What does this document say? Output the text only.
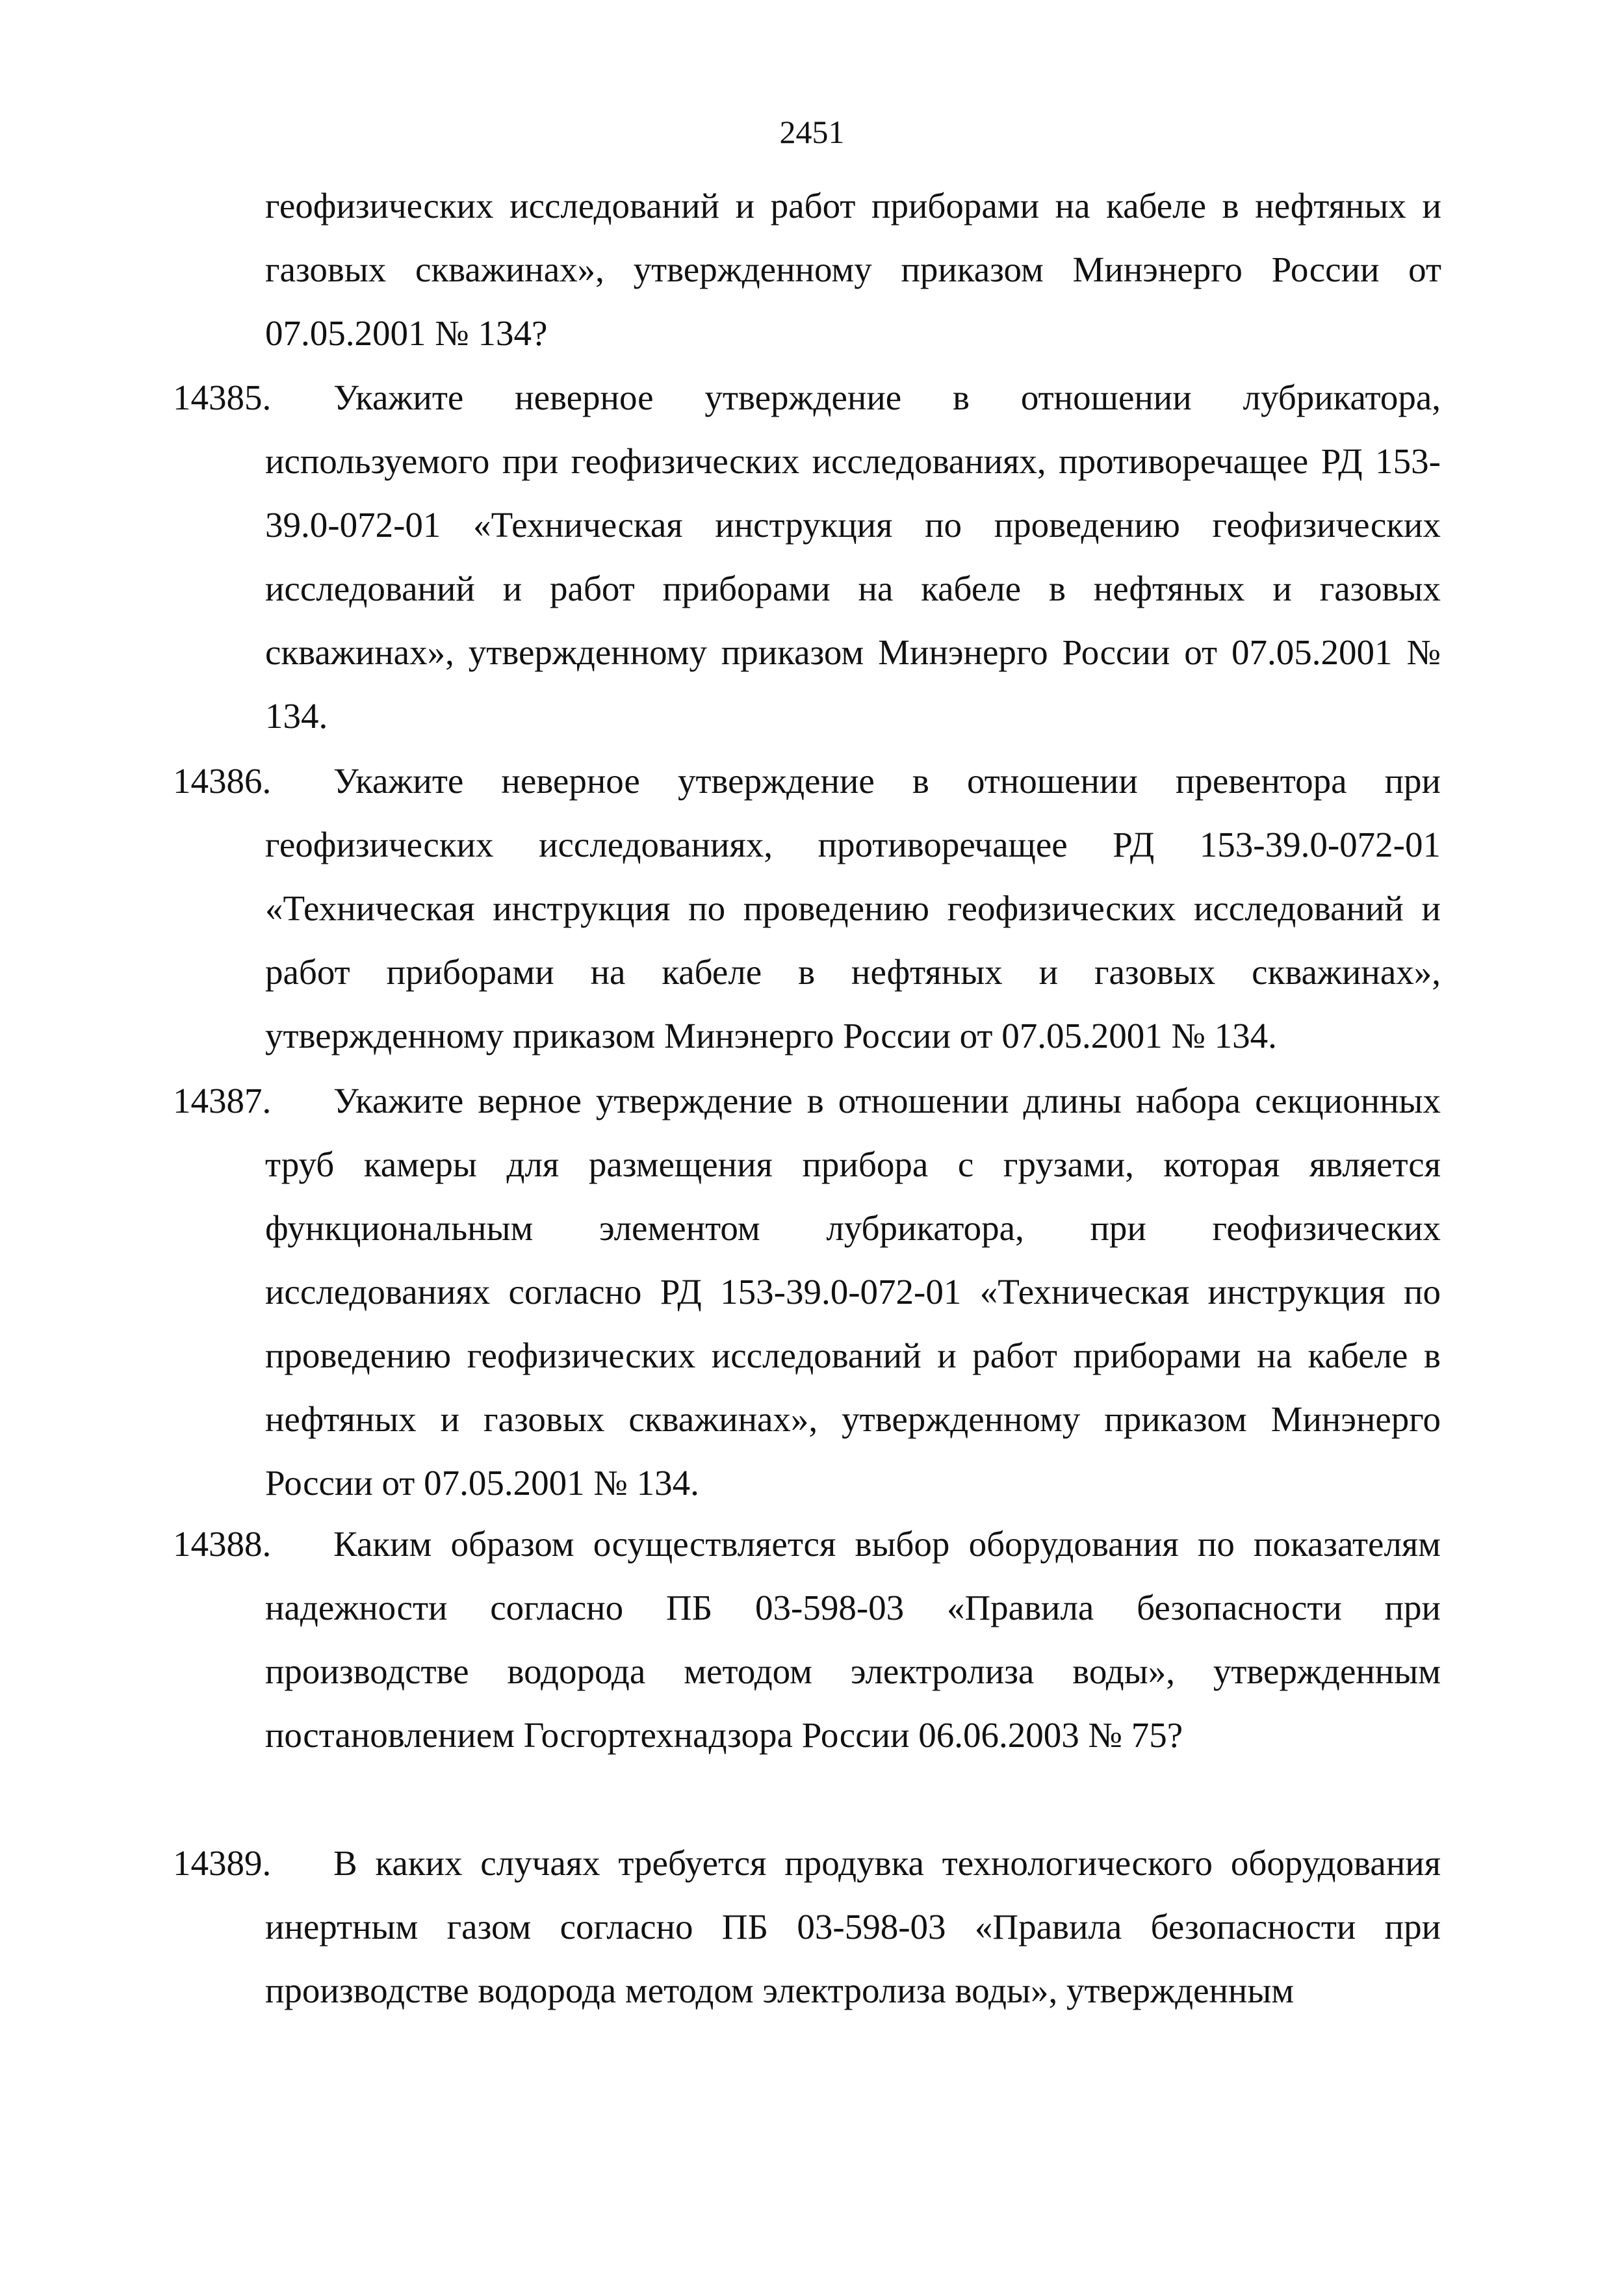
2451

геофизических исследований и работ приборами на кабеле в нефтяных и газовых скважинах», утвержденному приказом Минэнерго России от 07.05.2001 № 134?

14385. Укажите неверное утверждение в отношении лубрикатора, используемого при геофизических исследованиях, противоречащее РД 153-39.0-072-01 «Техническая инструкция по проведению геофизических исследований и работ приборами на кабеле в нефтяных и газовых скважинах», утвержденному приказом Минэнерго России от 07.05.2001 № 134.

14386. Укажите неверное утверждение в отношении превентора при геофизических исследованиях, противоречащее РД 153-39.0-072-01 «Техническая инструкция по проведению геофизических исследований и работ приборами на кабеле в нефтяных и газовых скважинах», утвержденному приказом Минэнерго России от 07.05.2001 № 134.

14387. Укажите верное утверждение в отношении длины набора секционных труб камеры для размещения прибора с грузами, которая является функциональным элементом лубрикатора, при геофизических исследованиях согласно РД 153-39.0-072-01 «Техническая инструкция по проведению геофизических исследований и работ приборами на кабеле в нефтяных и газовых скважинах», утвержденному приказом Минэнерго России от 07.05.2001 № 134.

14388. Каким образом осуществляется выбор оборудования по показателям надежности согласно ПБ 03-598-03 «Правила безопасности при производстве водорода методом электролиза воды», утвержденным постановлением Госгортехнадзора России 06.06.2003 № 75?

14389. В каких случаях требуется продувка технологического оборудования инертным газом согласно ПБ 03-598-03 «Правила безопасности при производстве водорода методом электролиза воды», утвержденным
